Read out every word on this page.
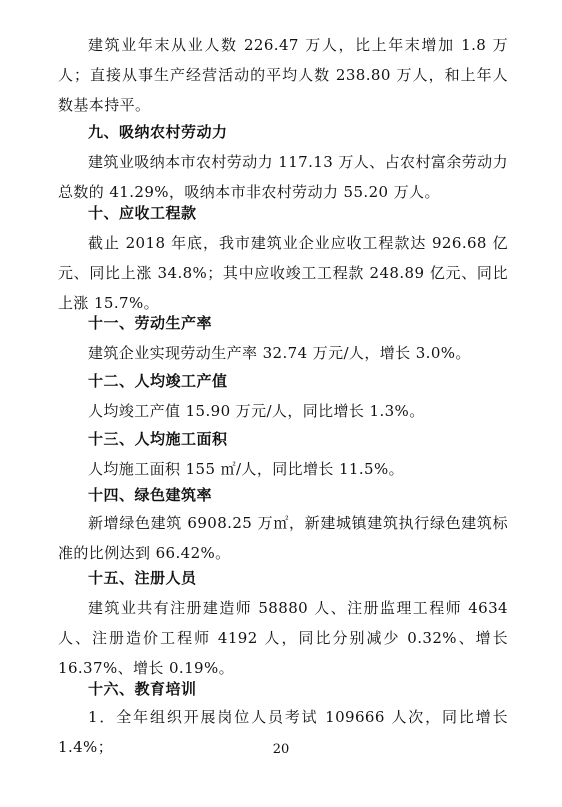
建筑业年末从业人数 226.47 万人，比上年末增加 1.8 万人；直接从事生产经营活动的平均人数 238.80 万人，和上年人数基本持平。

九、吸纳农村劳动力

建筑业吸纳本市农村劳动力 117.13 万人、占农村富余劳动力总数的 41.29%，吸纳本市非农村劳动力 55.20 万人。

十、应收工程款

截止 2018 年底，我市建筑业企业应收工程款达 926.68 亿元、同比上涨 34.8%；其中应收竣工工程款 248.89 亿元、同比上涨 15.7%。

十一、劳动生产率

建筑企业实现劳动生产率 32.74 万元/人，增长 3.0%。

十二、人均竣工产值

人均竣工产值 15.90 万元/人，同比增长 1.3%。

十三、人均施工面积

人均施工面积 155 ㎡/人，同比增长 11.5%。

十四、绿色建筑率

新增绿色建筑 6908.25 万㎡，新建城镇建筑执行绿色建筑标准的比例达到 66.42%。

十五、注册人员

建筑业共有注册建造师 58880 人、注册监理工程师 4634 人、注册造价工程师 4192 人，同比分别减少 0.32%、增长 16.37%、增长 0.19%。

十六、教育培训

1．全年组织开展岗位人员考试 109666 人次，同比增长 1.4%；	20
